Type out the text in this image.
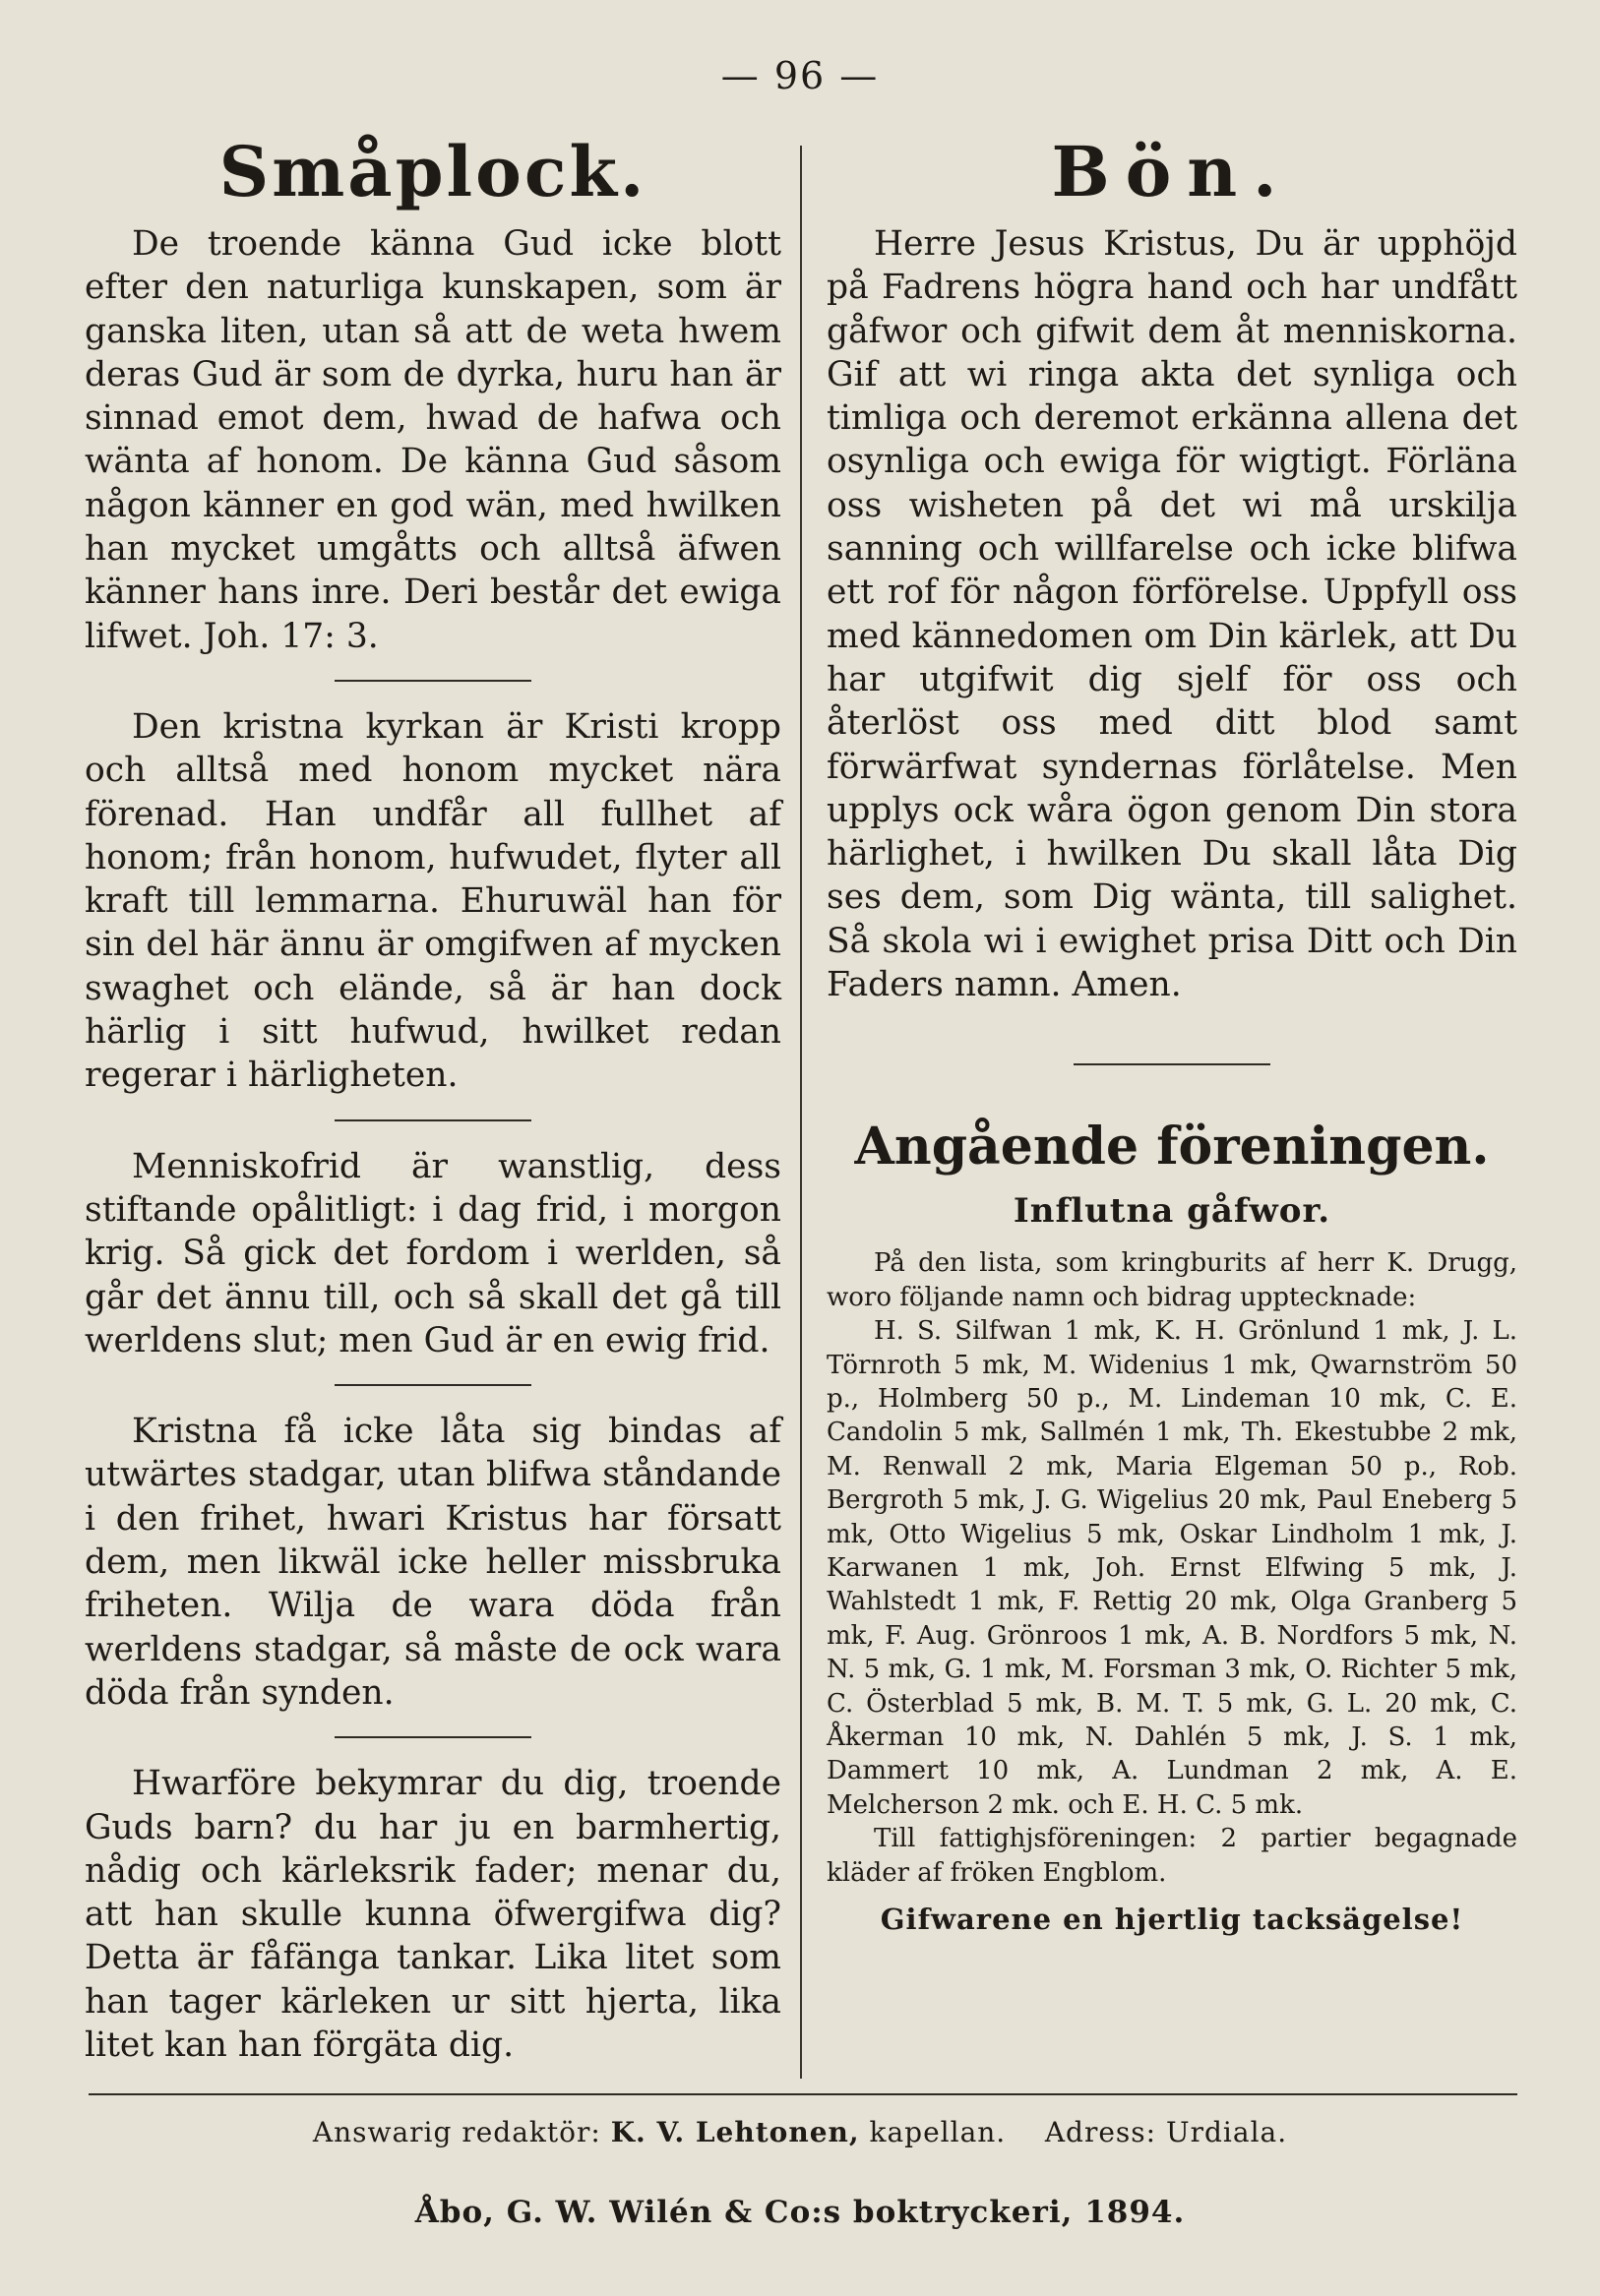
— 96 —
Småplock.

De troende känna Gud icke blott efter den naturliga kunskapen, som är ganska liten, utan så att de weta hwem deras Gud är som de dyrka, huru han är sinnad emot dem, hwad de hafwa och wänta af honom. De känna Gud såsom någon känner en god wän, med hwilken han mycket umgåtts och alltså äfwen känner hans inre. Deri består det ewiga lifwet. Joh. 17: 3.

Den kristna kyrkan är Kristi kropp och alltså med honom mycket nära förenad. Han undfår all fullhet af honom; från honom, hufwudet, flyter all kraft till lemmarna. Ehuruwäl han för sin del här ännu är omgifwen af mycken swaghet och elände, så är han dock härlig i sitt hufwud, hwilket redan regerar i härligheten.

Menniskofrid är wanstlig, dess stiftande opålitligt: i dag frid, i morgon krig. Så gick det fordom i werlden, så går det ännu till, och så skall det gå till werldens slut; men Gud är en ewig frid.

Kristna få icke låta sig bindas af utwärtes stadgar, utan blifwa ståndande i den frihet, hwari Kristus har försatt dem, men likwäl icke heller missbruka friheten. Wilja de wara döda från werldens stadgar, så måste de ock wara döda från synden.

Hwarföre bekymrar du dig, troende Guds barn? du har ju en barmhertig, nådig och kärleksrik fader; menar du, att han skulle kunna öfwergifwa dig? Detta är fåfänga tankar. Lika litet som han tager kärleken ur sitt hjerta, lika litet kan han förgäta dig.

Bön.

Herre Jesus Kristus, Du är upphöjd på Fadrens högra hand och har undfått gåfwor och gifwit dem åt menniskorna. Gif att wi ringa akta det synliga och timliga och deremot erkänna allena det osynliga och ewiga för wigtigt. Förläna oss wisheten på det wi må urskilja sanning och willfarelse och icke blifwa ett rof för någon förförelse. Uppfyll oss med kännedomen om Din kärlek, att Du har utgifwit dig sjelf för oss och återlöst oss med ditt blod samt förwärfwat syndernas förlåtelse. Men upplys ock wåra ögon genom Din stora härlighet, i hwilken Du skall låta Dig ses dem, som Dig wänta, till salighet. Så skola wi i ewighet prisa Ditt och Din Faders namn. Amen.

Angående föreningen.
Influtna gåfwor.

På den lista, som kringburits af herr K. Drugg, woro följande namn och bidrag upptecknade:

H. S. Silfwan 1 mk, K. H. Grönlund 1 mk, J. L. Törnroth 5 mk, M. Widenius 1 mk, Qwarnström 50 p., Holmberg 50 p., M. Lindeman 10 mk, C. E. Candolin 5 mk, Sallmén 1 mk, Th. Ekestubbe 2 mk, M. Renwall 2 mk, Maria Elgeman 50 p., Rob. Bergroth 5 mk, J. G. Wigelius 20 mk, Paul Eneberg 5 mk, Otto Wigelius 5 mk, Oskar Lindholm 1 mk, J. Karwanen 1 mk, Joh. Ernst Elfwing 5 mk, J. Wahlstedt 1 mk, F. Rettig 20 mk, Olga Granberg 5 mk, F. Aug. Grönroos 1 mk, A. B. Nordfors 5 mk, N. N. 5 mk, G. 1 mk, M. Forsman 3 mk, O. Richter 5 mk, C. Österblad 5 mk, B. M. T. 5 mk, G. L. 20 mk, C. Åkerman 10 mk, N. Dahlén 5 mk, J. S. 1 mk, Dammert 10 mk, A. Lundman 2 mk, A. E. Melcherson 2 mk. och E. H. C. 5 mk.

Till fattighjsföreningen: 2 partier begagnade kläder af fröken Engblom.

Gifwarene en hjertlig tacksägelse!
Answarig redaktör: K. V. Lehtonen, kapellan. Adress: Urdiala.
Åbo, G. W. Wilén & Co:s boktryckeri, 1894.
